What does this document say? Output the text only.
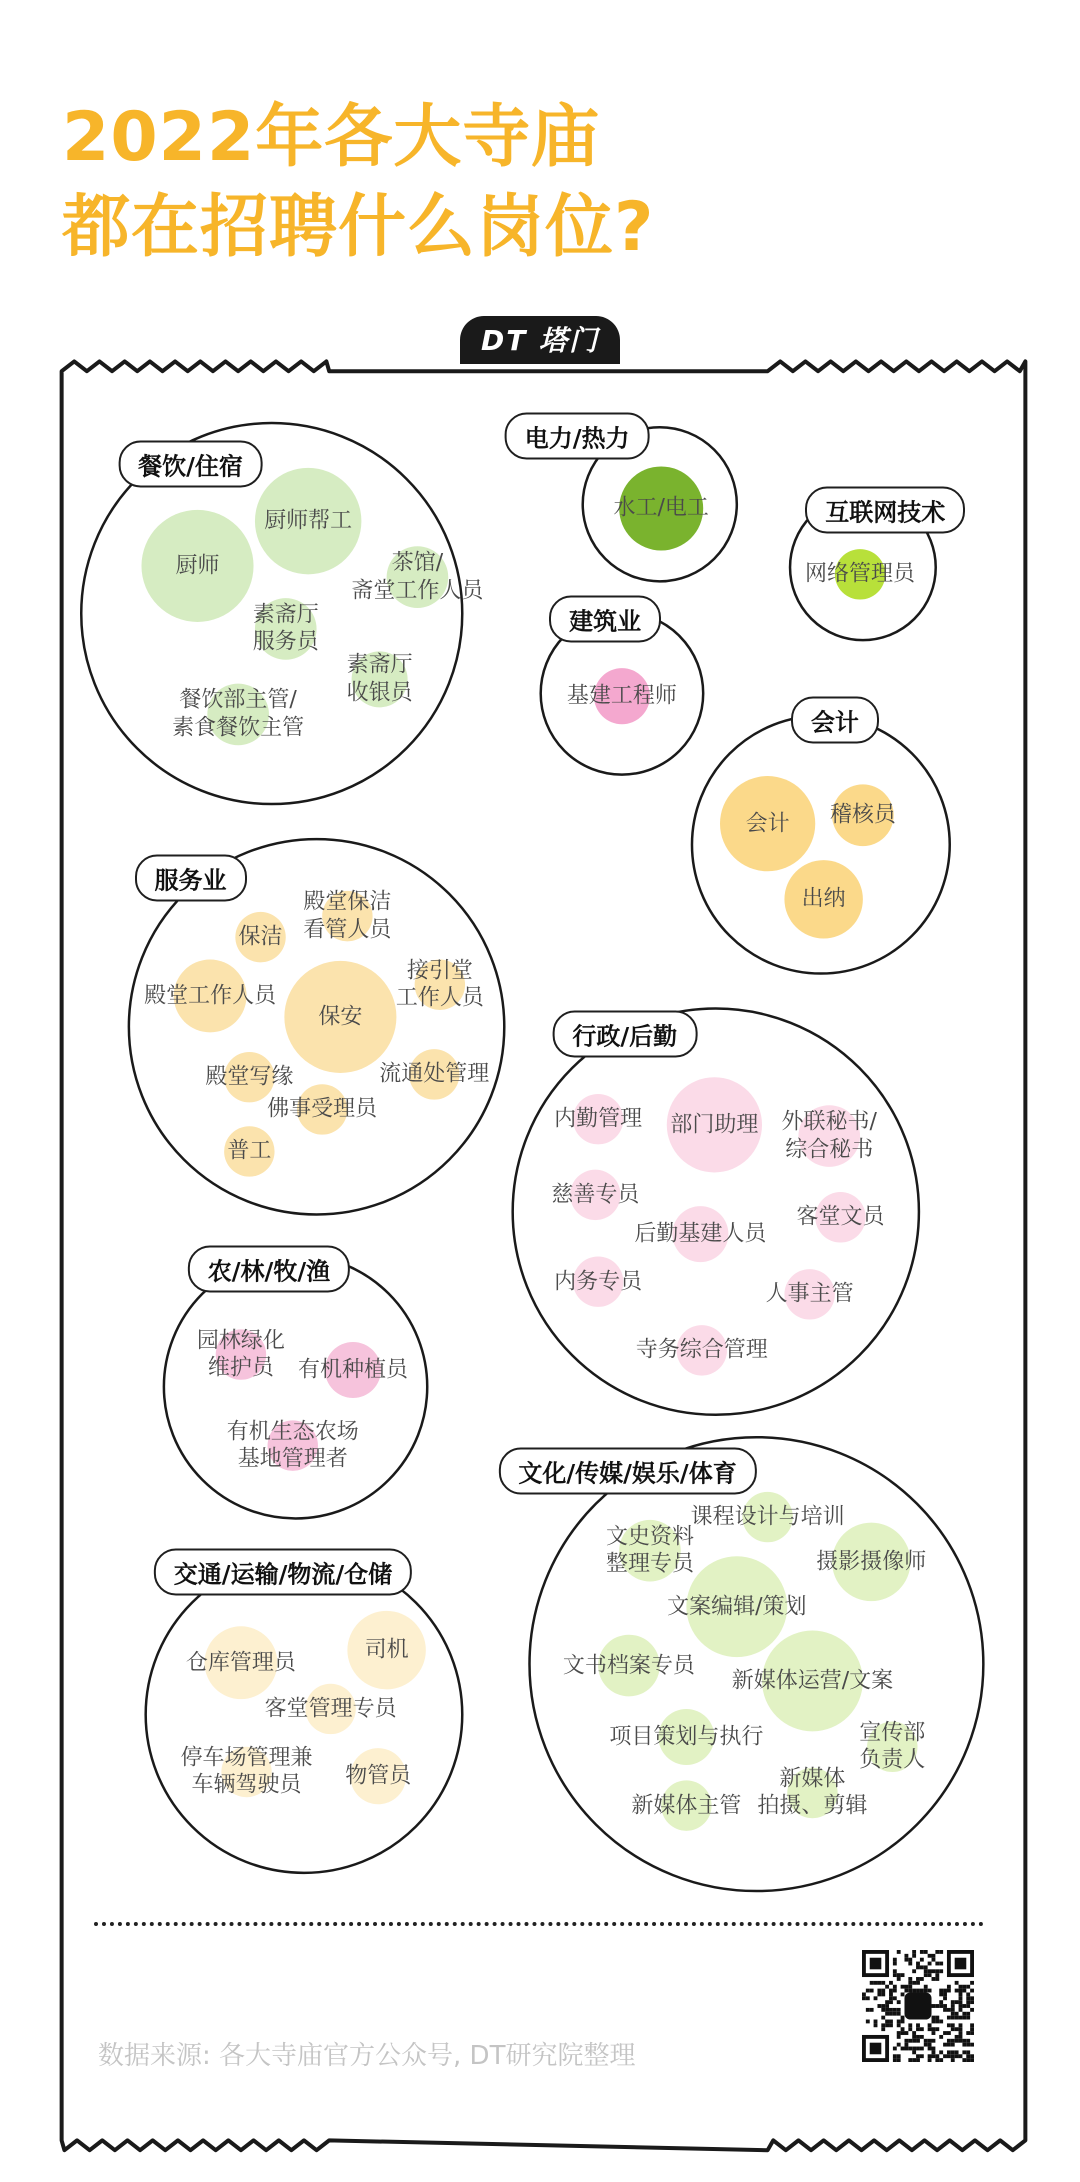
2022年各大寺庙
都在招聘什么岗位?
DT 塔门
厨师
厨师帮工
茶馆/
斋堂工作人员
素斋厅
服务员
素斋厅
收银员
餐饮部主管/
素食餐饮主管
餐饮/住宿
水工/电工
电力/热力
网络管理员
互联网技术
基建工程师
建筑业
会计 稽核员
出纳
会计
保洁
殿堂保洁
看管人员
接引堂
工作人员
殿堂工作人员
保安
殿堂写缘	流通处管理
佛事受理员
普工
服务业
内勤管理 部门助理 外联秘书/
综合秘书
慈善专员
后勤基建人员
客堂文员
内务专员
人事主管
寺务综合管理
行政/后勤
园林绿化
维护员	有机种植员
有机生态农场
基地管理者
农/林/牧/渔
课程设计与培训
文史资料
整理专员	摄影摄像师
文案编辑/策划
文书档案专员
新媒体运营/文案
项目策划与执行	宣传部
负责人
新媒体
拍摄、剪辑
新媒体主管
文化/传媒/娱乐/体育
仓库管理员
司机
客堂管理专员
停车场管理兼
车辆驾驶员	物管员
交通/运输/物流/仓储
数据来源: 各大寺庙官方公众号, DT研究院整理
